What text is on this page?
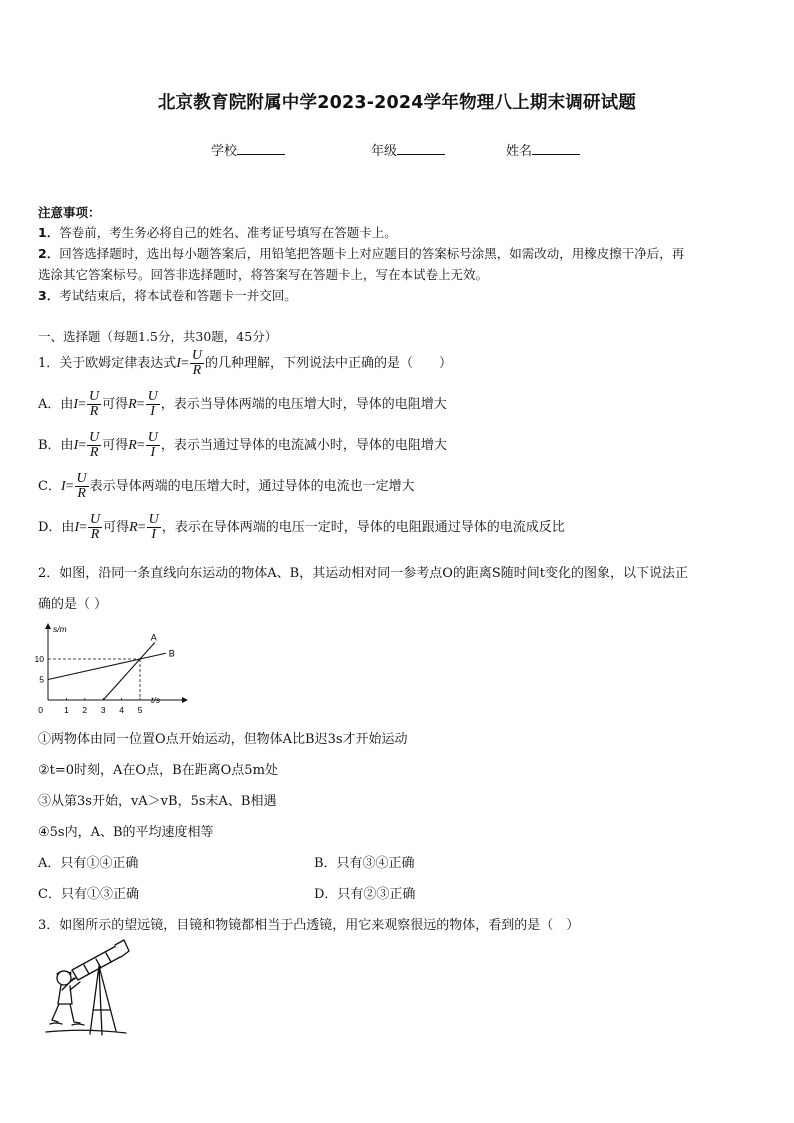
北京教育院附属中学2023-2024学年物理八上期末调研试题
学校	年级	姓名
注意事项：
1．答卷前，考生务必将自己的姓名、准考证号填写在答题卡上。
2．回答选择题时，选出每小题答案后，用铅笔把答题卡上对应题目的答案标号涂黑，如需改动，用橡皮擦干净后，再
选涂其它答案标号。回答非选择题时，将答案写在答题卡上，写在本试卷上无效。
3．考试结束后，将本试卷和答题卡一并交回。
一、选择题（每题1.5分，共30题，45分）
1．关于欧姆定律表达式$I= \frac{U}{R}$ 的几种理解，下列说法中正确的是（　　）
A．由$I= \frac{U}{R}$ 可得$R= \frac{U}{I}$ ，表示当导体两端的电压增大时，导体的电阻增大
B．由$I= \frac{U}{R}$ 可得$R= \frac{U}{I}$ ，表示当通过导体的电流减小时，导体的电阻增大
C．$I= \frac{U}{R}$ 表示导体两端的电压增大时，通过导体的电流也一定增大
D．由$I= \frac{U}{R}$ 可得$R= \frac{U}{I}$ ，表示在导体两端的电压一定时，导体的电阻跟通过导体的电流成反比
2．如图，沿同一条直线向东运动的物体A、B，其运动相对同一参考点O的距离S随时间t变化的图象，以下说法正
确的是（ ）
1 2 3 4 5
5
10
0
s/m
t/s
A
B
①两物体由同一位置O点开始运动，但物体A比B迟3s才开始运动
②t=0时刻，A在O点，B在距离O点5m处
③从第3s开始，vA＞vB，5s末A、B相遇
④5s内，A、B的平均速度相等
A．只有①④正确	B．只有③④正确
C．只有①③正确	D．只有②③正确
3．如图所示的望远镜，目镜和物镜都相当于凸透镜，用它来观察很远的物体，看到的是（　）
